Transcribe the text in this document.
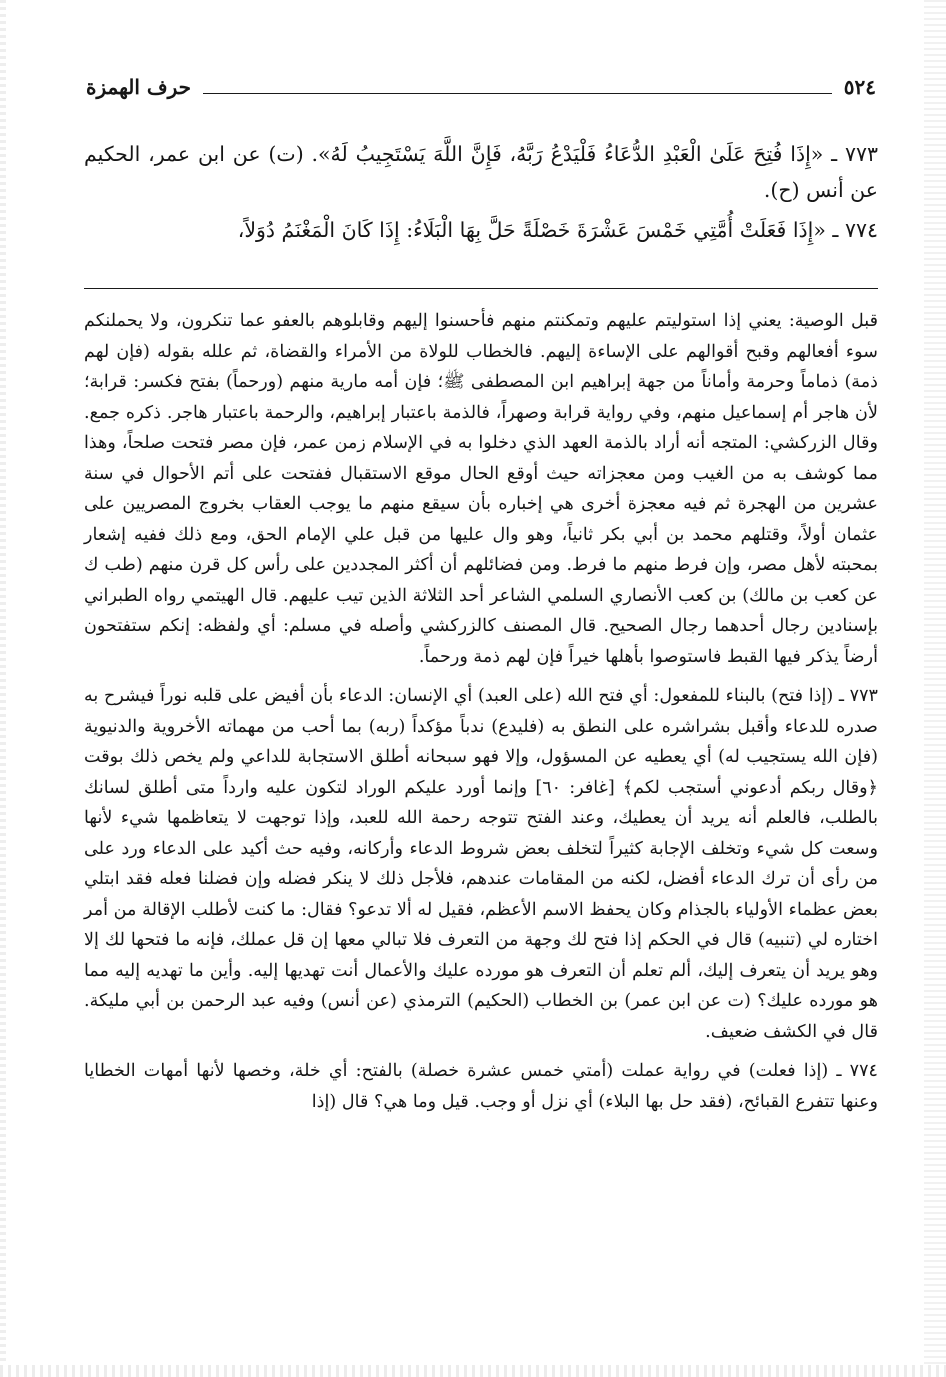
حرف الهمزة	٥٢٤

٧٧٣ ـ «إِذَا فُتِحَ عَلَىٰ الْعَبْدِ الدُّعَاءُ فَلْيَدْعُ رَبَّهُ، فَإِنَّ اللَّهَ يَسْتَجِيبُ لَهُ». (ت) عن ابن عمر، الحكيم عن أنس (ح).

٧٧٤ ـ «إِذَا فَعَلَتْ أُمَّتِي خَمْسَ عَشْرَةَ خَصْلَةً حَلَّ بِهَا الْبَلَاءُ: إِذَا كَانَ الْمَغْنَمُ دُوَلاً،

قبل الوصية: يعني إذا استوليتم عليهم وتمكنتم منهم فأحسنوا إليهم وقابلوهم بالعفو عما تنكرون، ولا يحملنكم سوء أفعالهم وقبح أقوالهم على الإساءة إليهم. فالخطاب للولاة من الأمراء والقضاة، ثم علله بقوله (فإن لهم ذمة) ذماماً وحرمة وأماناً من جهة إبراهيم ابن المصطفى ﷺ؛ فإن أمه مارية منهم (ورحماً) بفتح فكسر: قرابة؛ لأن هاجر أم إسماعيل منهم، وفي رواية قرابة وصهراً، فالذمة باعتبار إبراهيم، والرحمة باعتبار هاجر. ذكره جمع. وقال الزركشي: المتجه أنه أراد بالذمة العهد الذي دخلوا به في الإسلام زمن عمر، فإن مصر فتحت صلحاً، وهذا مما كوشف به من الغيب ومن معجزاته حيث أوقع الحال موقع الاستقبال ففتحت على أتم الأحوال في سنة عشرين من الهجرة ثم فيه معجزة أخرى هي إخباره بأن سيقع منهم ما يوجب العقاب بخروج المصريين على عثمان أولاً، وقتلهم محمد بن أبي بكر ثانياً، وهو وال عليها من قبل علي الإمام الحق، ومع ذلك ففيه إشعار بمحبته لأهل مصر، وإن فرط منهم ما فرط. ومن فضائلهم أن أكثر المجددين على رأس كل قرن منهم (طب ك عن كعب بن مالك) بن كعب الأنصاري السلمي الشاعر أحد الثلاثة الذين تيب عليهم. قال الهيتمي رواه الطبراني بإسنادين رجال أحدهما رجال الصحيح. قال المصنف كالزركشي وأصله في مسلم: أي ولفظه: إنكم ستفتحون أرضاً يذكر فيها القبط فاستوصوا بأهلها خيراً فإن لهم ذمة ورحماً.

٧٧٣ ـ (إذا فتح) بالبناء للمفعول: أي فتح الله (على العبد) أي الإنسان: الدعاء بأن أفيض على قلبه نوراً فيشرح به صدره للدعاء وأقبل بشراشره على النطق به (فليدع) ندباً مؤكداً (ربه) بما أحب من مهماته الأخروية والدنيوية (فإن الله يستجيب له) أي يعطيه عن المسؤول، وإلا فهو سبحانه أطلق الاستجابة للداعي ولم يخص ذلك بوقت ﴿وقال ربكم أدعوني أستجب لكم﴾ [غافر: ٦٠] وإنما أورد عليكم الوراد لتكون عليه وارداً متى أطلق لسانك بالطلب، فالعلم أنه يريد أن يعطيك، وعند الفتح تتوجه رحمة الله للعبد، وإذا توجهت لا يتعاظمها شيء لأنها وسعت كل شيء وتخلف الإجابة كثيراً لتخلف بعض شروط الدعاء وأركانه، وفيه حث أكيد على الدعاء ورد على من رأى أن ترك الدعاء أفضل، لكنه من المقامات عندهم، فلأجل ذلك لا ينكر فضله وإن فضلنا فعله فقد ابتلي بعض عظماء الأولياء بالجذام وكان يحفظ الاسم الأعظم، فقيل له ألا تدعو؟ فقال: ما كنت لأطلب الإقالة من أمر اختاره لي (تنبيه) قال في الحكم إذا فتح لك وجهة من التعرف فلا تبالي معها إن قل عملك، فإنه ما فتحها لك إلا وهو يريد أن يتعرف إليك، ألم تعلم أن التعرف هو مورده عليك والأعمال أنت تهديها إليه. وأين ما تهديه إليه مما هو مورده عليك؟ (ت عن ابن عمر) بن الخطاب (الحكيم) الترمذي (عن أنس) وفيه عبد الرحمن بن أبي مليكة. قال في الكشف ضعيف.

٧٧٤ ـ (إذا فعلت) في رواية عملت (أمتي خمس عشرة خصلة) بالفتح: أي خلة، وخصها لأنها أمهات الخطايا وعنها تتفرع القبائح، (فقد حل بها البلاء) أي نزل أو وجب. قيل وما هي؟ قال (إذا
